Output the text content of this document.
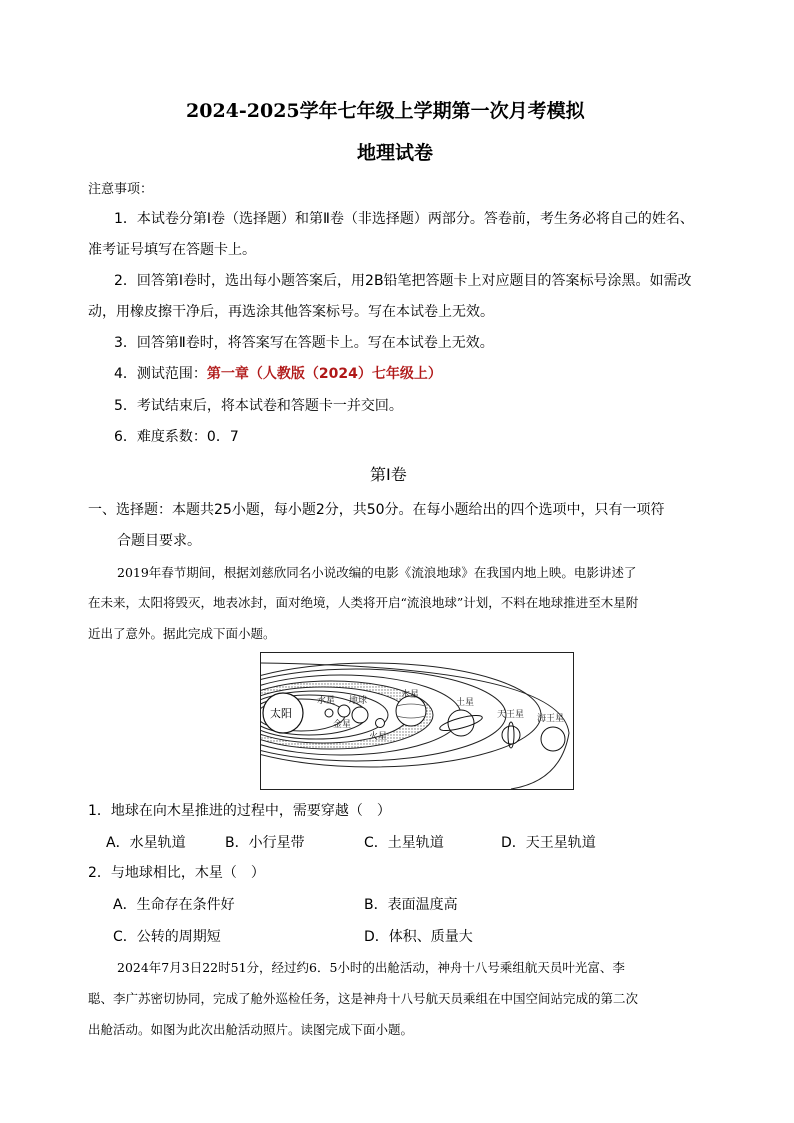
2024-2025学年七年级上学期第一次月考模拟
地理试卷
注意事项：
1．本试卷分第Ⅰ卷（选择题）和第Ⅱ卷（非选择题）两部分。答卷前，考生务必将自己的姓名、
准考证号填写在答题卡上。
2．回答第Ⅰ卷时，选出每小题答案后，用2B铅笔把答题卡上对应题目的答案标号涂黑。如需改
动，用橡皮擦干净后，再选涂其他答案标号。写在本试卷上无效。
3．回答第Ⅱ卷时，将答案写在答题卡上。写在本试卷上无效。
4．测试范围：第一章（人教版（2024）七年级上）
5．考试结束后，将本试卷和答题卡一并交回。
6．难度系数：0．7
第Ⅰ卷
一、选择题：本题共25小题，每小题2分，共50分。在每小题给出的四个选项中，只有一项符
合题目要求。
2019年春节期间，根据刘慈欣同名小说改编的电影《流浪地球》在我国内地上映。电影讲述了
在未来，太阳将毁灭，地表冰封，面对绝境，人类将开启“流浪地球”计划，不料在地球推进至木星附
近出了意外。据此完成下面小题。
太阳
水星
金星
地球
火星
木星
土星
天王星 海王星
1．地球在向木星推进的过程中，需要穿越（　）
A．水星轨道	B．小行星带	C．土星轨道	D．天王星轨道
2．与地球相比，木星（　）
A．生命存在条件好	B．表面温度高
C．公转的周期短	D．体积、质量大
2024年7月3日22时51分，经过约6．5小时的出舱活动，神舟十八号乘组航天员叶光富、李
聪、李广苏密切协同，完成了舱外巡检任务，这是神舟十八号航天员乘组在中国空间站完成的第二次
出舱活动。如图为此次出舱活动照片。读图完成下面小题。
